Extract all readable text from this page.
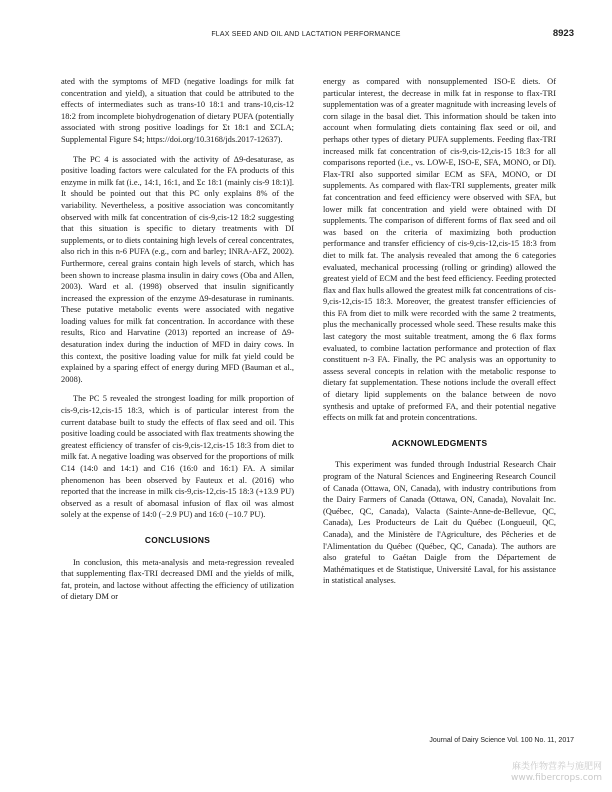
FLAX SEED AND OIL AND LACTATION PERFORMANCE	8923

ated with the symptoms of MFD (negative loadings for milk fat concentration and yield), a situation that could be attributed to the effects of intermediates such as trans-10 18:1 and trans-10,cis-12 18:2 from incomplete biohydrogenation of dietary PUFA (potentially associated with strong positive loadings for Σt 18:1 and ΣCLA; Supplemental Figure S4; https://doi.org/10.3168/jds.2017-12637).

The PC 4 is associated with the activity of Δ9-desaturase, as positive loading factors were calculated for the FA products of this enzyme in milk fat (i.e., 14:1, 16:1, and Σc 18:1 (mainly cis-9 18:1)]. It should be pointed out that this PC only explains 8% of the variability. Nevertheless, a positive association was concomitantly observed with milk fat concentration of cis-9,cis-12 18:2 suggesting that this situation is specific to dietary treatments with DI supplements, or to diets containing high levels of cereal concentrates, also rich in this n-6 PUFA (e.g., corn and barley; INRA-AFZ, 2002). Furthermore, cereal grains contain high levels of starch, which has been shown to increase plasma insulin in dairy cows (Oba and Allen, 2003). Ward et al. (1998) observed that insulin significantly increased the expression of the enzyme Δ9-desaturase in ruminants. These putative metabolic events were associated with negative loading values for milk fat concentration. In accordance with these results, Rico and Harvatine (2013) reported an increase of Δ9-desaturation index during the induction of MFD in dairy cows. In this context, the positive loading value for milk fat yield could be explained by a sparing effect of energy during MFD (Bauman et al., 2008).

The PC 5 revealed the strongest loading for milk proportion of cis-9,cis-12,cis-15 18:3, which is of particular interest from the current database built to study the effects of flax seed and oil. This positive loading could be associated with flax treatments showing the greatest efficiency of transfer of cis-9,cis-12,cis-15 18:3 from diet to milk fat. A negative loading was observed for the proportions of milk C14 (14:0 and 14:1) and C16 (16:0 and 16:1) FA. A similar phenomenon has been observed by Fauteux et al. (2016) who reported that the increase in milk cis-9,cis-12,cis-15 18:3 (+13.9 PU) observed as a result of abomasal infusion of flax oil was almost solely at the expense of 14:0 (−2.9 PU) and 16:0 (−10.7 PU).

CONCLUSIONS

In conclusion, this meta-analysis and meta-regression revealed that supplementing flax-TRI decreased DMI and the yields of milk, fat, protein, and lactose without affecting the efficiency of utilization of dietary DM or

energy as compared with nonsupplemented ISO-E diets. Of particular interest, the decrease in milk fat in response to flax-TRI supplementation was of a greater magnitude with increasing levels of corn silage in the basal diet. This information should be taken into account when formulating diets containing flax seed or oil, and perhaps other types of dietary PUFA supplements. Feeding flax-TRI increased milk fat concentration of cis-9,cis-12,cis-15 18:3 for all comparisons reported (i.e., vs. LOW-E, ISO-E, SFA, MONO, or DI). Flax-TRI also supported similar ECM as SFA, MONO, or DI supplements. As compared with flax-TRI supplements, greater milk fat concentration and feed efficiency were observed with SFA, but lower milk fat concentration and yield were obtained with DI supplements. The comparison of different forms of flax seed and oil was based on the criteria of maximizing both production performance and transfer efficiency of cis-9,cis-12,cis-15 18:3 from diet to milk fat. The analysis revealed that among the 6 categories evaluated, mechanical processing (rolling or grinding) allowed the greatest yield of ECM and the best feed efficiency. Feeding protected flax and flax hulls allowed the greatest milk fat concentrations of cis-9,cis-12,cis-15 18:3. Moreover, the greatest transfer efficiencies of this FA from diet to milk were recorded with the same 2 treatments, plus the mechanically processed whole seed. These results make this last category the most suitable treatment, among the 6 flax forms evaluated, to combine lactation performance and protection of flax constituent n-3 FA. Finally, the PC analysis was an opportunity to assess several concepts in relation with the metabolic response to dietary fat supplementation. These notions include the overall effect of dietary lipid supplements on the balance between de novo synthesis and uptake of preformed FA, and their potential negative effects on milk fat and protein concentrations.

ACKNOWLEDGMENTS

This experiment was funded through Industrial Research Chair program of the Natural Sciences and Engineering Research Council of Canada (Ottawa, ON, Canada), with industry contributions from the Dairy Farmers of Canada (Ottawa, ON, Canada), Novalait Inc. (Québec, QC, Canada), Valacta (Sainte-Anne-de-Bellevue, QC, Canada), Les Producteurs de Lait du Québec (Longueuil, QC, Canada), and the Ministère de l'Agriculture, des Pêcheries et de l'Alimentation du Québec (Québec, QC, Canada). The authors are also grateful to Gaétan Daigle from the Département de Mathématiques et de Statistique, Université Laval, for his assistance in statistical analyses.

Journal of Dairy Science Vol. 100 No. 11, 2017
麻类作物营养与施肥网
www.fibercrops.com
